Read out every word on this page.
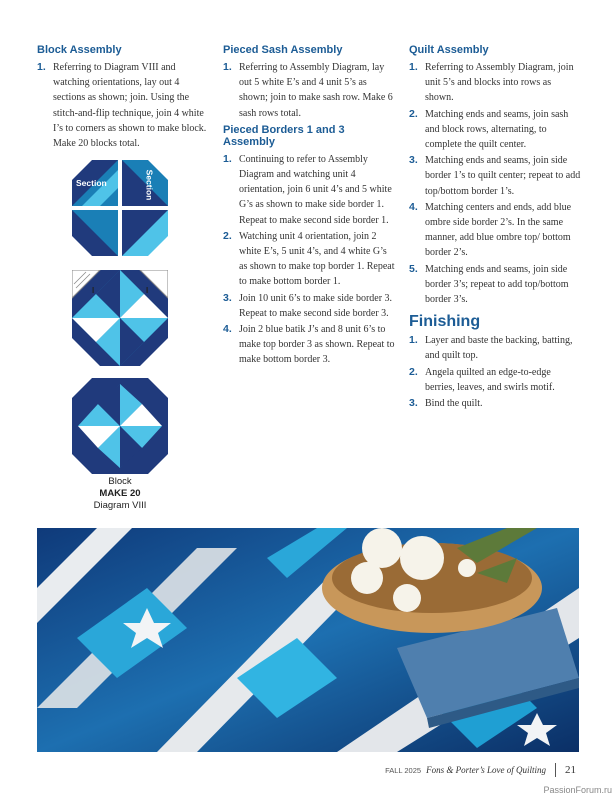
Block Assembly
1. Referring to Diagram VIII and watching orientations, lay out 4 sections as shown; join. Using the stitch-and-flip technique, join 4 white I’s to corners as shown to make block. Make 20 blocks total.
Section	Section
I	I
Block
MAKE 20
Diagram VIII
Pieced Sash Assembly
1. Referring to Assembly Diagram, lay out 5 white E’s and 4 unit 5’s as shown; join to make sash row. Make 6 sash rows total.
Pieced Borders 1 and 3 Assembly
1. Continuing to refer to Assembly Diagram and watching unit 4 orientation, join 6 unit 4’s and 5 white G’s as shown to make side border 1. Repeat to make second side border 1.
2. Watching unit 4 orientation, join 2 white E’s, 5 unit 4’s, and 4 white G’s as shown to make top border 1. Repeat to make bottom border 1.
3. Join 10 unit 6’s to make side border 3. Repeat to make second side border 3.
4. Join 2 blue batik J’s and 8 unit 6’s to make top border 3 as shown. Repeat to make bottom border 3.
Quilt Assembly
1. Referring to Assembly Diagram, join unit 5’s and blocks into rows as shown.
2. Matching ends and seams, join sash and block rows, alternating, to complete the quilt center.
3. Matching ends and seams, join side border 1’s to quilt center; repeat to add top/bottom border 1’s.
4. Matching centers and ends, add blue ombre side border 2’s. In the same manner, add blue ombre top/ bottom border 2’s.
5. Matching ends and seams, join side border 3’s; repeat to add top/bottom border 3’s.
Finishing
1. Layer and baste the backing, batting, and quilt top.
2. Angela quilted an edge-to-edge berries, leaves, and swirls motif.
3. Bind the quilt.
FALL 2025 Fons & Porter’s Love of Quilting 21
PassionForum.ru
